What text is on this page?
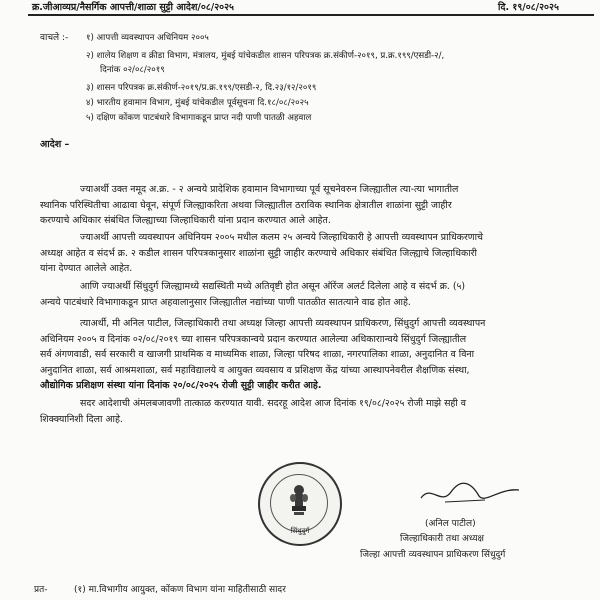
क्र.जीआव्यप्र/नैसर्गिक आपत्ती/शाळा सुट्टी आदेश/०८/२०२५	दि. १९/०८/२०२५
वाचले :- १) आपत्ती व्यवस्थापन अधिनियम २००५
२) शालेय शिक्षण व क्रीडा विभाग, मंत्रालय, मुंबई यांचेकडील शासन परिपत्रक क्र.संकीर्ण-२०१९, प्र.क्र.१९९/एसडी-२/,
दिनांक ०२/०८/२०१९
३) शासन परिपत्रक क्र.संकीर्ण-२०१९/प्र.क्र.१९९/एसडी-२, दि.२३/१२/२०१९
४) भारतीय हवामान विभाग, मुंबई यांचेकडील पूर्वसूचना दि.१८/०८/२०२५
५) दक्षिण कोंकण पाटबंधारे विभागाकडून प्राप्त नदी पाणी पातळी अहवाल
आदेश –
ज्याअर्थी उक्त नमूद अ.क्र. - २ अन्वये प्रादेशिक हवामान विभागाच्या पूर्व सूचनेवरुन जिल्ह्यातील त्या-त्या भागातील
स्थानिक परिस्थितीचा आढावा घेवून, संपूर्ण जिल्ह्याकरिता अथवा जिल्ह्यातील ठराविक स्थानिक क्षेत्रातील शाळांना सुट्टी जाहीर
करण्याचे अधिकार संबंधित जिल्ह्याच्या जिल्हाधिकारी यांना प्रदान करण्यात आले आहेत.
ज्याअर्थी आपत्ती व्यवस्थापन अधिनियम २००५ मधील कलम २५ अन्वये जिल्हाधिकारी हे आपत्ती व्यवस्थापन प्राधिकरणाचे
अध्यक्ष आहेत व संदर्भ क्र. २ कडील शासन परिपत्रकानुसार शाळांना सुट्टी जाहीर करण्याचे अधिकार संबंधित जिल्ह्याचे जिल्हाधिकारी
यांना देण्यात आलेले आहेत.
आणि ज्याअर्थी सिंधुदुर्ग जिल्ह्यामध्ये सद्यस्थिती मध्ये अतिवृष्टी होत असून ऑरेंज अलर्ट दिलेला आहे व संदर्भ क्र. (५)
अन्वये पाटबंधारे विभागाकडून प्राप्त अहवालानुसार जिल्ह्यातील नद्यांच्या पाणी पातळीत सातत्याने वाढ होत आहे.
त्याअर्थी, मी अनिल पाटील, जिल्हाधिकारी तथा अध्यक्ष जिल्हा आपत्ती व्यवस्थापन प्राधिकरण, सिंधुदुर्ग आपत्ती व्यवस्थापन
अधिनियम २००५ व दिनांक ०२/०८/२०१९ च्या शासन परिपत्रकान्वये प्रदान करण्यात आलेल्या अधिकाराान्वये सिंधुदुर्ग जिल्ह्यातील
सर्व अंगणवाडी, सर्व सरकारी व खाजगी प्राथमिक व माध्यमिक शाळा, जिल्हा परिषद शाळा, नगरपालिका शाळा, अनुदानित व विना
अनुदानित शाळा, सर्व आश्रमशाळा, सर्व महाविद्यालये व आयुक्त व्यवसाय व प्रशिक्षण केंद्र यांच्या आस्थापनेवरील शैक्षणिक संस्था,
औद्योगिक प्रशिक्षण संस्था यांना दिनांक २०/०८/२०२५ रोजी सुट्टी जाहीर करीत आहे.
सदर आदेशाची अंमलबजावणी तात्काळ करण्यात यावी. सदरहू आदेश आज दिनांक १९/०८/२०२५ रोजी माझे सही व
शिक्क्यानिशी दिला आहे.
सिंधुदुर्ग
(अनिल पाटील)
जिल्हाधिकारी तथा अध्यक्ष
जिल्हा आपत्ती व्यवस्थापन प्राधिकरण सिंधुदुर्ग
प्रत-	(१) मा.विभागीय आयुक्त, कोंकण विभाग यांना माहितीसाठी सादर
